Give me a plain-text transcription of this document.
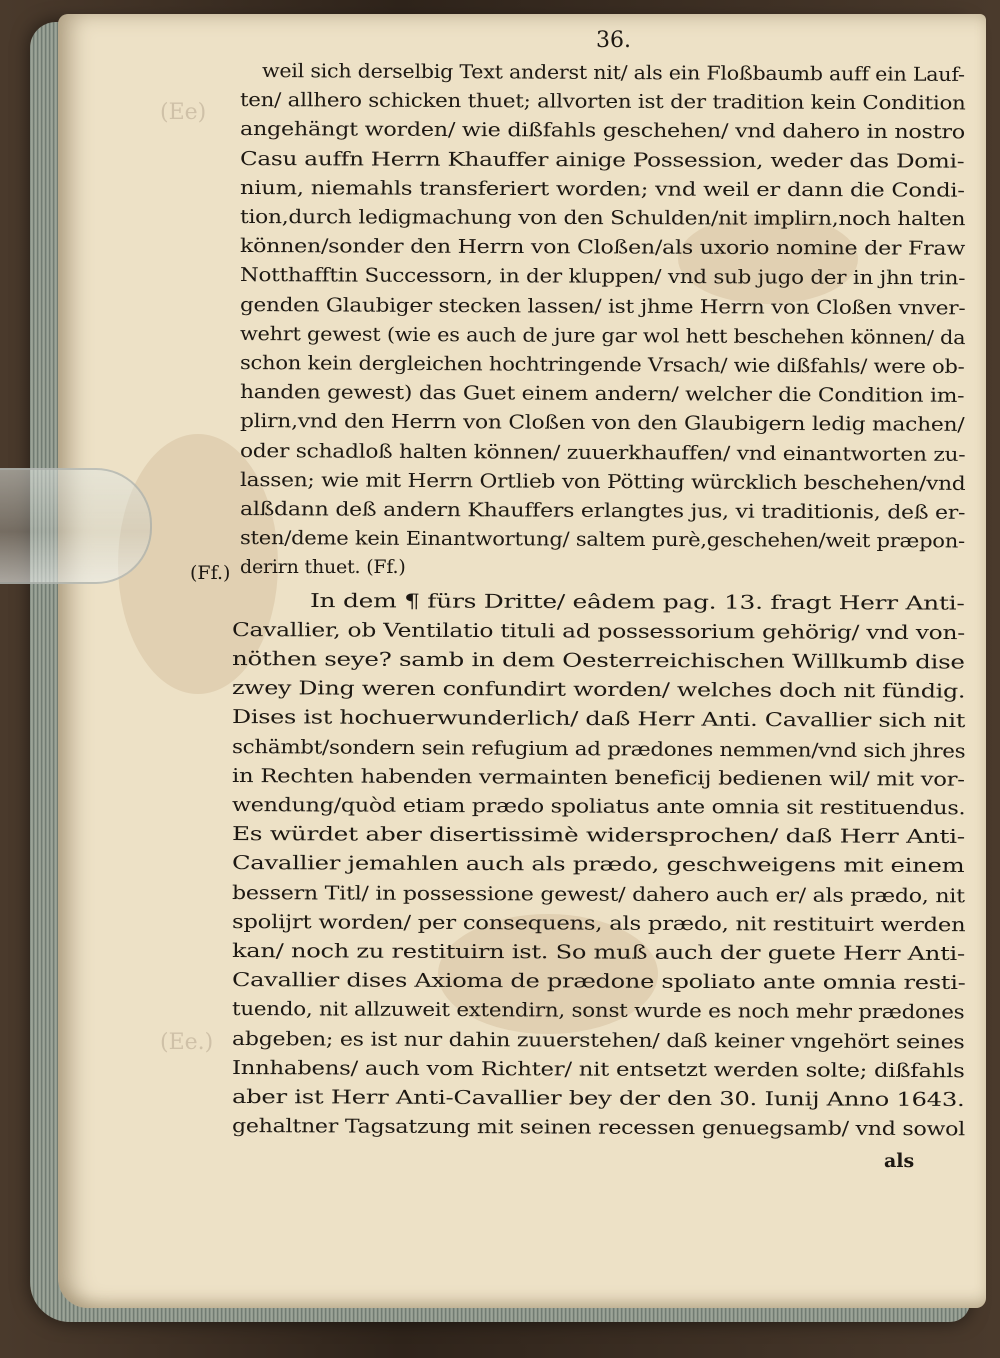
(Ee)
(Ee.)
36.
(Ff.)
weil sich derselbig Text anderst nit/ als ein Floßbaumb auff ein Lauf-
ten/ allhero schicken thuet; allvorten ist der tradition kein Condition
angehängt worden/ wie dißfahls geschehen/ vnd dahero in nostro
Casu auffn Herrn Khauffer ainige Possession, weder das Domi-
nium, niemahls transferiert worden; vnd weil er dann die Condi-
tion,durch ledigmachung von den Schulden/nit implirn,noch halten
können/sonder den Herrn von Cloßen/als uxorio nomine der Fraw
Notthafftin Successorn, in der kluppen/ vnd sub jugo der in jhn trin-
genden Glaubiger stecken lassen/ ist jhme Herrn von Cloßen vnver-
wehrt gewest (wie es auch de jure gar wol hett beschehen können/ da
schon kein dergleichen hochtringende Vrsach/ wie dißfahls/ were ob-
handen gewest) das Guet einem andern/ welcher die Condition im-
plirn,vnd den Herrn von Cloßen von den Glaubigern ledig machen/
oder schadloß halten können/ zuuerkhauffen/ vnd einantworten zu-
lassen; wie mit Herrn Ortlieb von Pötting würcklich beschehen/vnd
alßdann deß andern Khauffers erlangtes jus, vi traditionis, deß er-
sten/deme kein Einantwortung/ saltem purè,geschehen/weit præpon-
derirn thuet. (Ff.)
In dem ¶ fürs Dritte/ eâdem pag. 13. fragt Herr Anti-
Cavallier, ob Ventilatio tituli ad possessorium gehörig/ vnd von-
nöthen seye? samb in dem Oesterreichischen Willkumb dise
zwey Ding weren confundirt worden/ welches doch nit fündig.
Dises ist hochuerwunderlich/ daß Herr Anti. Cavallier sich nit
schämbt/sondern sein refugium ad prædones nemmen/vnd sich jhres
in Rechten habenden vermainten beneficij bedienen wil/ mit vor-
wendung/quòd etiam prædo spoliatus ante omnia sit restituendus.
Es würdet aber disertissimè widersprochen/ daß Herr Anti-
Cavallier jemahlen auch als prædo, geschweigens mit einem
bessern Titl/ in possessione gewest/ dahero auch er/ als prædo, nit
spolijrt worden/ per consequens, als prædo, nit restituirt werden
kan/ noch zu restituirn ist. So muß auch der guete Herr Anti-
Cavallier dises Axioma de prædone spoliato ante omnia resti-
tuendo, nit allzuweit extendirn, sonst wurde es noch mehr prædones
abgeben; es ist nur dahin zuuerstehen/ daß keiner vngehört seines
Innhabens/ auch vom Richter/ nit entsetzt werden solte; dißfahls
aber ist Herr Anti-Cavallier bey der den 30. Iunij Anno 1643.
gehaltner Tagsatzung mit seinen recessen genuegsamb/ vnd sowol
als
